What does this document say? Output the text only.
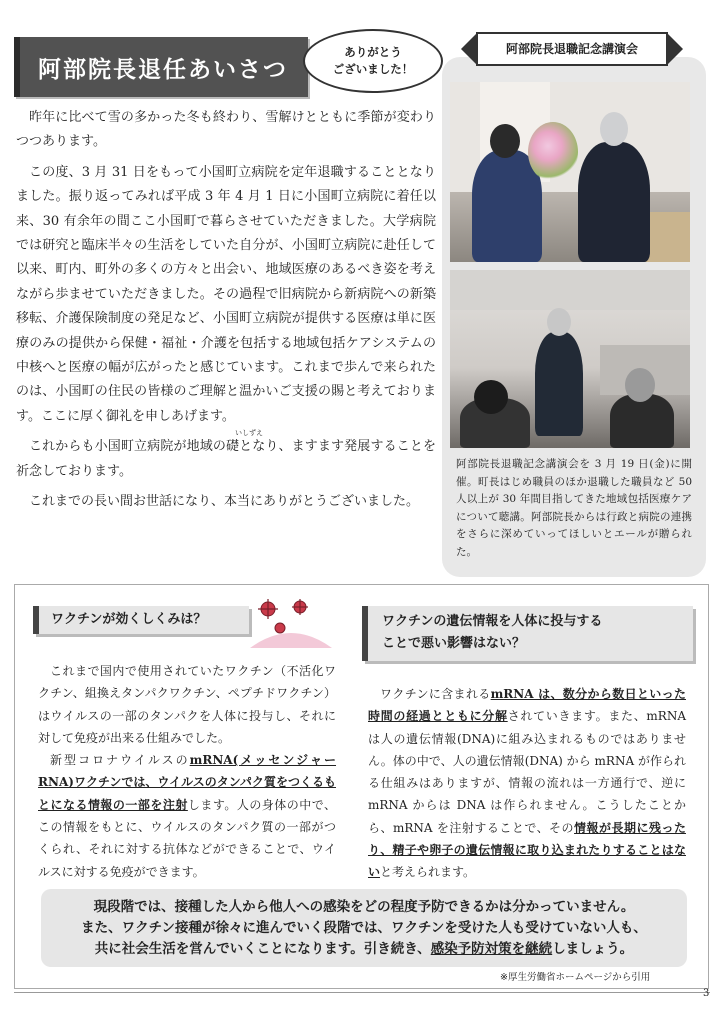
阿部院長退任あいさつ
ありがとう
ございました！
阿部院長退職記念講演会
阿部院長退職記念講演会を 3 月 19 日(金)に開催。町長はじめ職員のほか退職した職員など 50 人以上が 30 年間目指してきた地域包括医療ケアについて聴講。阿部院長からは行政と病院の連携をさらに深めていってほしいとエールが贈られた。

昨年に比べて雪の多かった冬も終わり、雪解けとともに季節が変わりつつあります。

この度、3 月 31 日をもって小国町立病院を定年退職することとなりました。振り返ってみれば平成 3 年 4 月 1 日に小国町立病院に着任以来、30 有余年の間ここ小国町で暮らさせていただきました。大学病院では研究と臨床半々の生活をしていた自分が、小国町立病院に赴任して以来、町内、町外の多くの方々と出会い、地域医療のあるべき姿を考えながら歩ませていただきました。その過程で旧病院から新病院への新築移転、介護保険制度の発足など、小国町立病院が提供する医療は単に医療のみの提供から保健・福祉・介護を包括する地域包括ケアシステムの中核へと医療の幅が広がったと感じています。これまで歩んで来られたのは、小国町の住民の皆様のご理解と温かいご支援の賜と考えております。ここに厚く御礼を申しあげます。

これからも小国町立病院が地域の
いしずえ
礎となり、ますます発展することを祈念しております。

これまでの長い間お世話になり、本当にありがとうございました。

ワクチンが効くしくみは？	ワクチンの遺伝情報を人体に投与する
ことで悪い影響はない？

これまで国内で使用されていたワクチン（不活化ワクチン、組換えタンパクワクチン、ペプチドワクチン）はウイルスの一部のタンパクを人体に投与し、それに対して免疫が出来る仕組みでした。

新型コロナウイルスのmRNA(メッセンジャーRNA)ワクチンでは、ウイルスのタンパク質をつくるもとになる情報の一部を注射します。人の身体の中で、この情報をもとに、ウイルスのタンパク質の一部がつくられ、それに対する抗体などができることで、ウイルスに対する免疫ができます。

ワクチンに含まれるmRNA は、数分から数日といった時間の経過とともに分解されていきます。また、mRNA は人の遺伝情報(DNA)に組み込まれるものではありません。体の中で、人の遺伝情報(DNA) から mRNA が作られる仕組みはありますが、情報の流れは一方通行で、逆に mRNA からは DNA は作られません。こうしたことから、mRNA を注射することで、その情報が長期に残ったり、精子や卵子の遺伝情報に取り込まれたりすることはないと考えられます。

現段階では、接種した人から他人への感染をどの程度予防できるかは分かっていません。
また、ワクチン接種が徐々に進んでいく段階では、ワクチンを受けた人も受けていない人も、
共に社会生活を営んでいくことになります。引き続き、感染予防対策を継続しましょう。
※厚生労働省ホームページから引用
3
